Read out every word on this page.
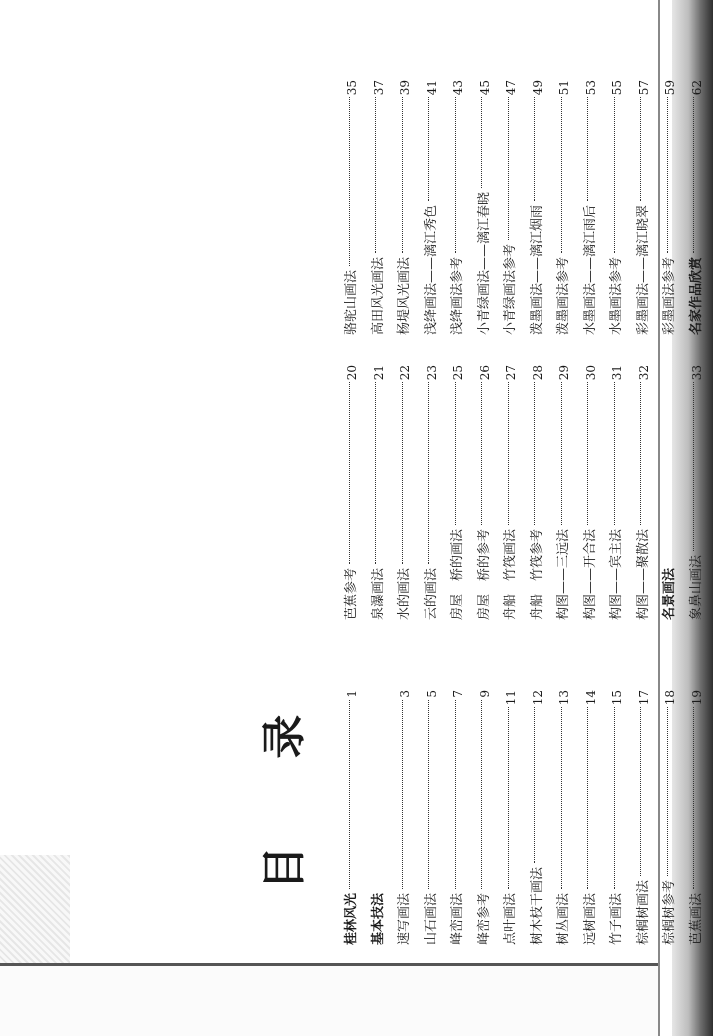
目 录
桂林风光
1
基本技法 速写画法
3
山石画法
5
峰峦画法
7
峰峦参考
9
点叶画法
11
树木枝干画法
12
树丛画法
13
远树画法
14
竹子画法
15
棕榈树画法
17
棕榈树参考
18
芭蕉画法
19
芭蕉参考
20
泉瀑画法
21
水的画法
22
云的画法
23
房屋　桥的画法
25
房屋　桥的参考
26
舟船　竹筏画法
27
舟船　竹筏参考
28
构图——三远法
29
构图——开合法
30
构图——宾主法
31
构图——聚散法
32
名景画法 象鼻山画法
33
骆驼山画法
35
高田风光画法
37
杨堤风光画法
39
浅绛画法——漓江秀色
41
浅绛画法参考
43
小青绿画法——漓江春晓
45
小青绿画法参考
47
泼墨画法——漓江烟雨
49
泼墨画法参考
51
水墨画法——漓江雨后
53
水墨画法参考
55
彩墨画法——漓江晓翠
57
彩墨画法参考
59
名家作品欣赏
62
